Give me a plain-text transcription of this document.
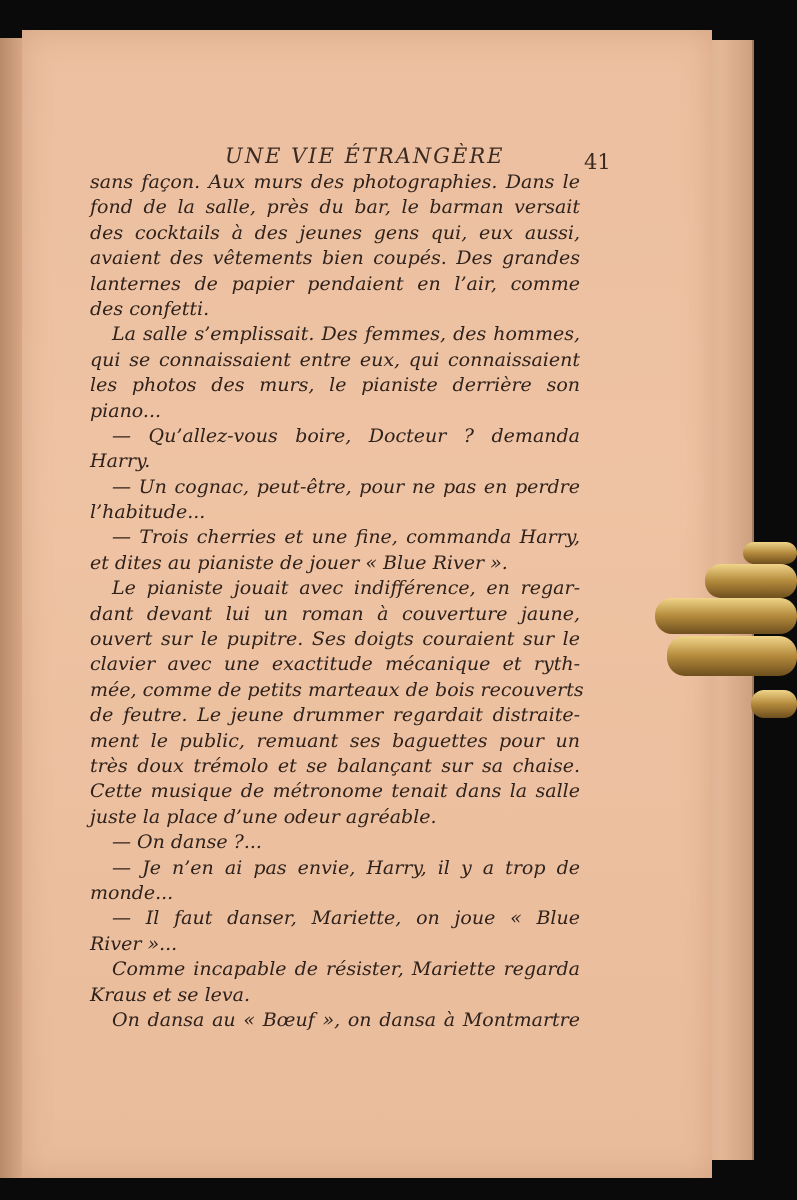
UNE VIE ÉTRANGÈRE	41
sans façon. Aux murs des photographies. Dans le
fond de la salle, près du bar, le barman versait
des cocktails à des jeunes gens qui, eux aussi,
avaient des vêtements bien coupés. Des grandes
lanternes de papier pendaient en l’air, comme
des confetti.
La salle s’emplissait. Des femmes, des hommes,
qui se connaissaient entre eux, qui connaissaient
les photos des murs, le pianiste derrière son
piano...
— Qu’allez-vous boire, Docteur ? demanda
Harry.
— Un cognac, peut-être, pour ne pas en perdre
l’habitude...
— Trois cherries et une fine, commanda Harry,
et dites au pianiste de jouer « Blue River ».
Le pianiste jouait avec indifférence, en regar-
dant devant lui un roman à couverture jaune,
ouvert sur le pupitre. Ses doigts couraient sur le
clavier avec une exactitude mécanique et ryth-
mée, comme de petits marteaux de bois recouverts
de feutre. Le jeune drummer regardait distraite-
ment le public, remuant ses baguettes pour un
très doux trémolo et se balançant sur sa chaise.
Cette musique de métronome tenait dans la salle
juste la place d’une odeur agréable.
— On danse ?...
— Je n’en ai pas envie, Harry, il y a trop de
monde...
— Il faut danser, Mariette, on joue « Blue
River »...
Comme incapable de résister, Mariette regarda
Kraus et se leva.
On dansa au « Bœuf », on dansa à Montmartre
